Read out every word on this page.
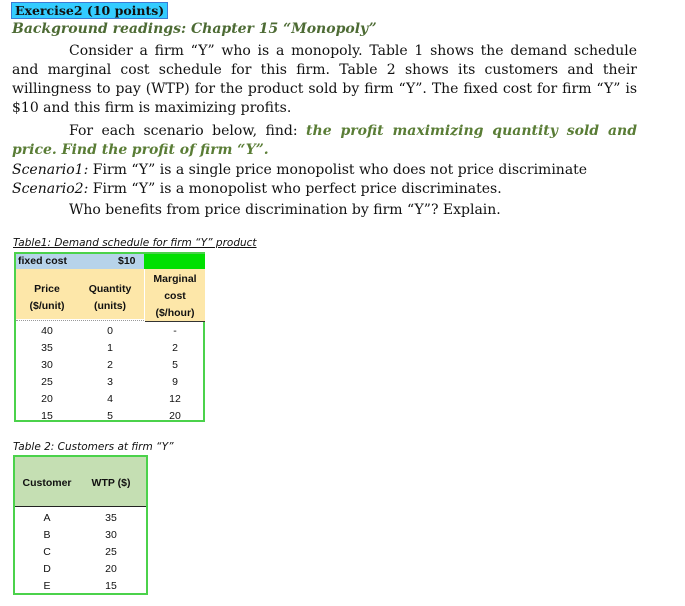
Exercise2 (10 points)
Background readings: Chapter 15 “Monopoly”
Consider a firm “Y” who is a monopoly. Table 1 shows the demand schedule and marginal cost schedule for this firm. Table 2 shows its customers and their willingness to pay (WTP) for the product sold by firm “Y”. The fixed cost for firm “Y” is $10 and this firm is maximizing profits.
For each scenario below, find: the profit maximizing quantity sold and price. Find the profit of firm “Y”.
Scenario1: Firm “Y” is a single price monopolist who does not price discriminate
Scenario2: Firm “Y” is a monopolist who perfect price discriminates.
Who benefits from price discrimination by firm “Y”? Explain.
Table1: Demand schedule for firm “Y” product
fixed cost	$10
Price
($/unit)
Quantity
(units)
Marginal
cost
($/hour)
40	0	-
35	1	2
30	2	5
25	3	9
20	4	12
15	5	20
Table 2: Customers at firm “Y”
Customer	WTP ($)
A	35
B	30
C	25
D	20
E	15
